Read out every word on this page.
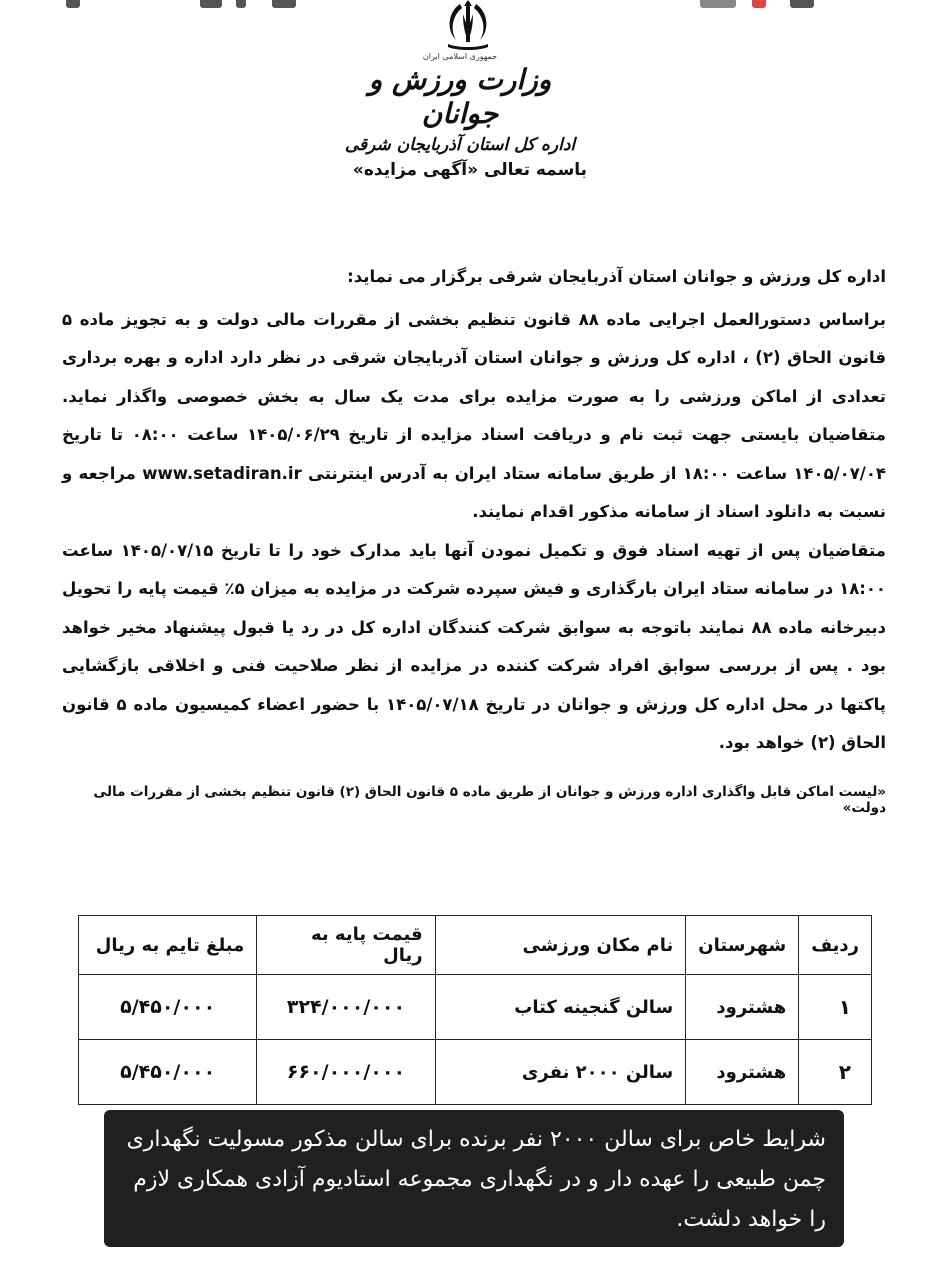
جمهوری اسلامی ایران
وزارت ورزش و جوانان
اداره کل استان آذربایجان شرقی
باسمه تعالی «آگهی مزایده»

اداره کل ورزش و جوانان استان آذربایجان شرقی برگزار می نماید:

براساس دستورالعمل اجرایی ماده ۸۸ قانون تنظیم بخشی از مقررات مالی دولت و به تجویز ماده ۵ قانون الحاق (۲) ، اداره کل ورزش و جوانان استان آذربایجان شرقی در نظر دارد اداره و بهره برداری تعدادی از اماکن ورزشی را به صورت مزایده برای مدت یک سال به بخش خصوصی واگذار نماید. متقاضیان بایستی جهت ثبت نام و دریافت اسناد مزایده از تاریخ ۱۴۰۵/۰۶/۲۹ ساعت ۰۸:۰۰ تا تاریخ ۱۴۰۵/۰۷/۰۴ ساعت ۱۸:۰۰ از طریق سامانه ستاد ایران به آدرس اینترنتی www.setadiran.ir مراجعه و نسبت به دانلود اسناد از سامانه مذکور اقدام نمایند.

متقاضیان پس از تهیه اسناد فوق و تکمیل نمودن آنها باید مدارک خود را تا تاریخ ۱۴۰۵/۰۷/۱۵ ساعت ۱۸:۰۰ در سامانه ستاد ایران بارگذاری و فیش سپرده شرکت در مزایده به میزان ۵٪ قیمت پایه را تحویل دبیرخانه ماده ۸۸ نمایند باتوجه به سوابق شرکت کنندگان اداره کل در رد یا قبول پیشنهاد مخیر خواهد بود . پس از بررسی سوابق افراد شرکت کننده در مزایده از نظر صلاحیت فنی و اخلاقی بازگشایی پاکتها در محل اداره کل ورزش و جوانان در تاریخ ۱۴۰۵/۰۷/۱۸ با حضور اعضاء کمیسیون ماده ۵ قانون الحاق (۲) خواهد بود.

«لیست اماکن قابل واگذاری اداره ورزش و جوانان از طریق ماده ۵ قانون الحاق (۲) قانون تنظیم بخشی از مقررات مالی دولت»
ردیف	شهرستان	نام مکان ورزشی	قیمت پایه به ریال	مبلغ تایم به ریال
۱	هشترود	سالن گنجینه کتاب	۳۲۴/۰۰۰/۰۰۰	۵/۴۵۰/۰۰۰
۲	هشترود	سالن ۲۰۰۰ نفری	۶۶۰/۰۰۰/۰۰۰	۵/۴۵۰/۰۰۰
شرایط خاص برای سالن ۲۰۰۰ نفر برنده برای سالن مذکور مسولیت نگهداری چمن طبیعی را عهده دار و در نگهداری مجموعه استادیوم آزادی همکاری لازم را خواهد دلشت.
